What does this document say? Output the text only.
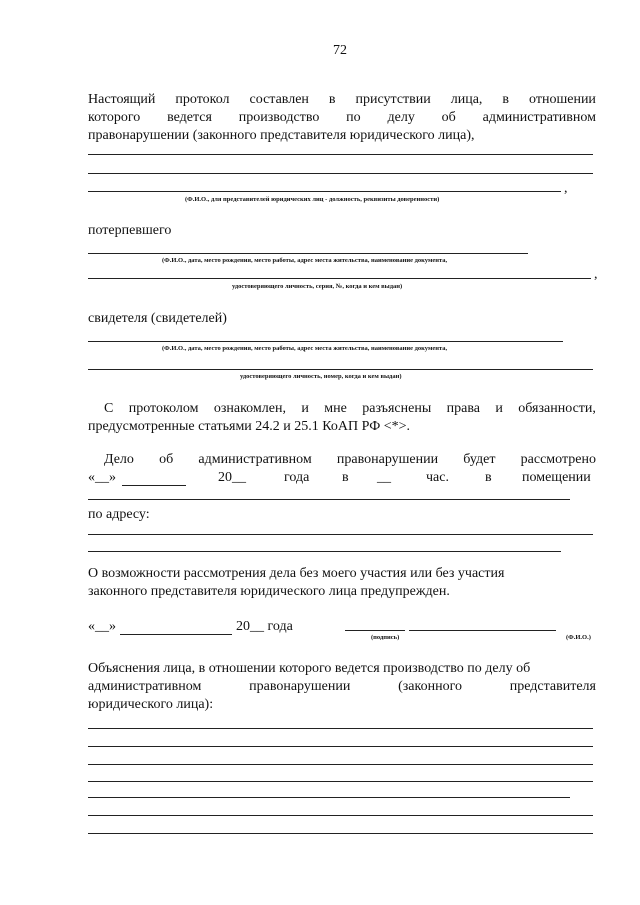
72
Настоящий протокол составлен в присутствии лица, в отношении
которого ведется производство по делу об административном
правонарушении (законного представителя юридического лица),
,
(Ф.И.О., для представителей юридических лиц - должность, реквизиты доверенности)
потерпевшего
(Ф.И.О., дата, место рождения, место работы, адрес места жительства, наименование документа,
,
удостоверяющего личность, серия, №, когда и кем выдан)
свидетеля (свидетелей)
(Ф.И.О., дата, место рождения, место работы, адрес места жительства, наименование документа,
удостоверяющего личность, номер, когда и кем выдан)
С протоколом ознакомлен, и мне разъяснены права и обязанности,
предусмотренные статьями 24.2 и 25.1 КоАП РФ <*>.
Дело об административном правонарушении будет рассмотрено
«__»	20__	года в __	час.	в помещении
по адресу:
О возможности рассмотрения дела без моего участия или без участия
законного представителя юридического лица предупрежден.
«__»	20__ года
(подпись)	(Ф.И.О.)
Объяснения лица, в отношении которого ведется производство по делу об
административном	правонарушении	(законного	представителя
юридического лица):
